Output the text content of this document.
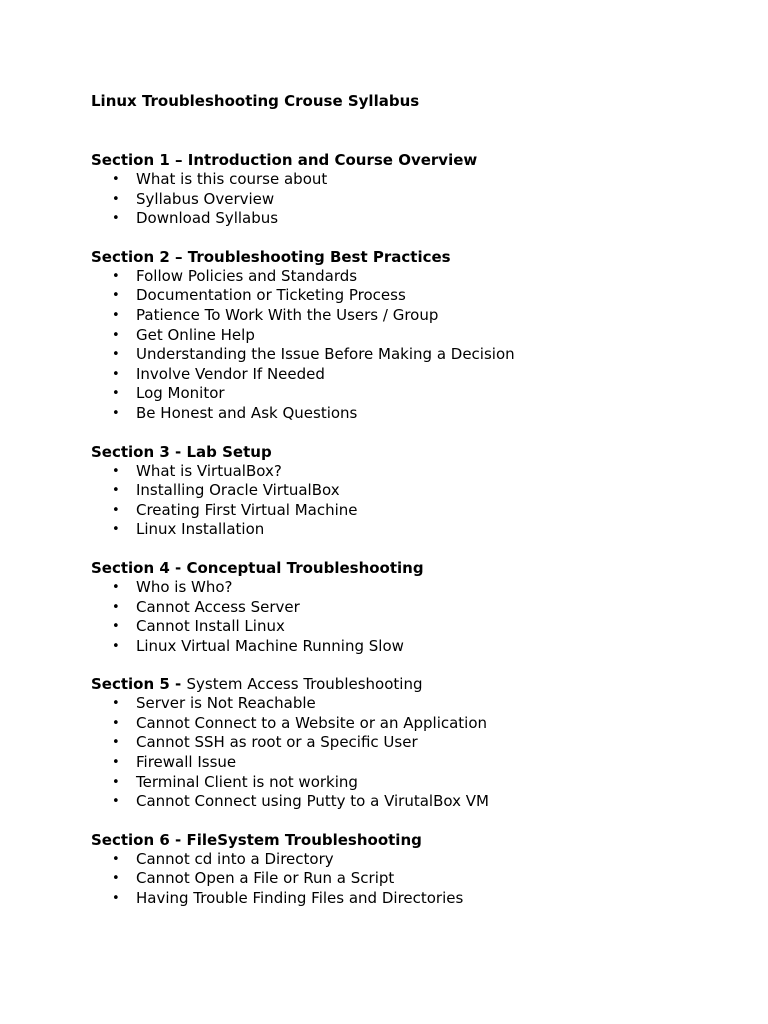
Linux Troubleshooting Crouse Syllabus
Section 1 – Introduction and Course Overview
• What is this course about
• Syllabus Overview
• Download Syllabus
Section 2 – Troubleshooting Best Practices
• Follow Policies and Standards
• Documentation or Ticketing Process
• Patience To Work With the Users / Group
• Get Online Help
• Understanding the Issue Before Making a Decision
• Involve Vendor If Needed
• Log Monitor
• Be Honest and Ask Questions
Section 3 - Lab Setup
• What is VirtualBox?
• Installing Oracle VirtualBox
• Creating First Virtual Machine
• Linux Installation
Section 4 - Conceptual Troubleshooting
• Who is Who?
• Cannot Access Server
• Cannot Install Linux
• Linux Virtual Machine Running Slow
Section 5 - System Access Troubleshooting
• Server is Not Reachable
• Cannot Connect to a Website or an Application
• Cannot SSH as root or a Specific User
• Firewall Issue
• Terminal Client is not working
• Cannot Connect using Putty to a VirutalBox VM
Section 6 - FileSystem Troubleshooting
• Cannot cd into a Directory
• Cannot Open a File or Run a Script
• Having Trouble Finding Files and Directories
